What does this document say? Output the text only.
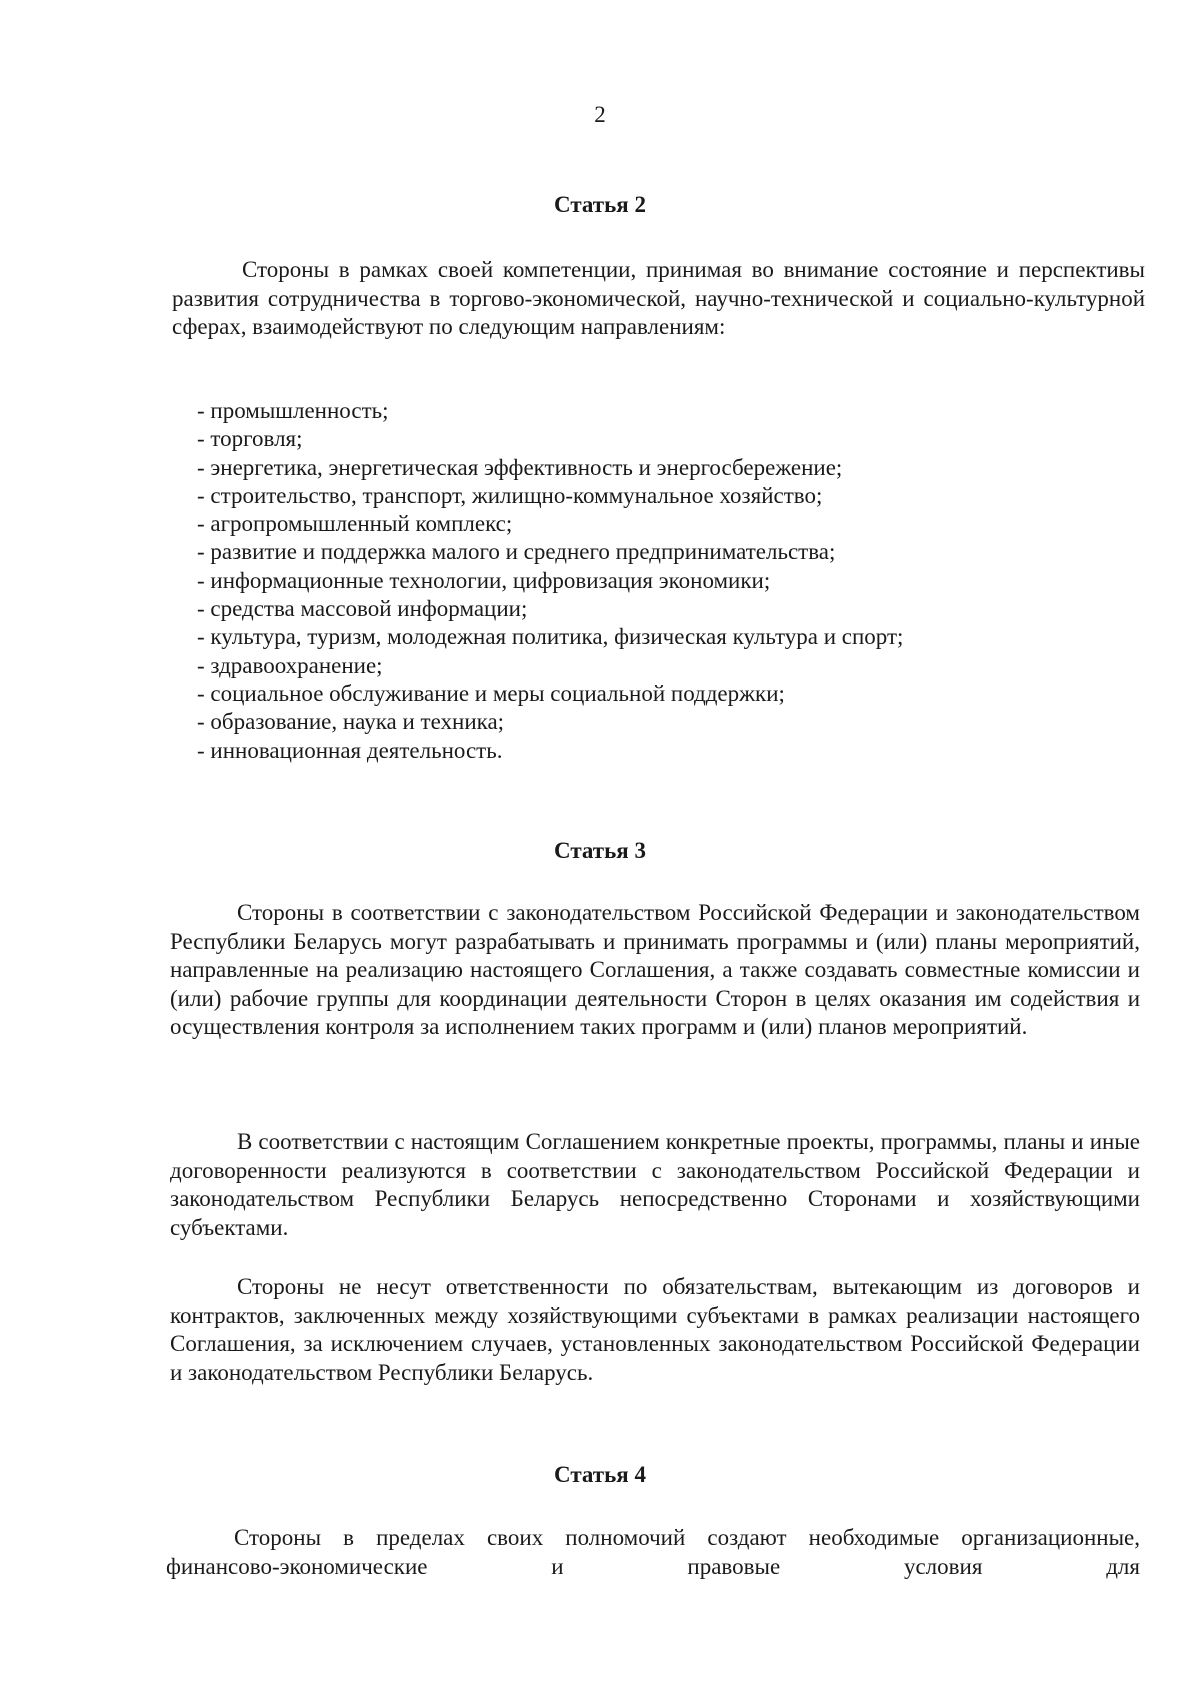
2
Статья 2
Стороны в рамках своей компетенции, принимая во внимание состояние и перспективы развития сотрудничества в торгово-экономической, научно-технической и социально-культурной сферах, взаимодействуют по следующим направлениям:
- промышленность;
- торговля;
- энергетика, энергетическая эффективность и энергосбережение;
- строительство, транспорт, жилищно-коммунальное хозяйство;
- агропромышленный комплекс;
- развитие и поддержка малого и среднего предпринимательства;
- информационные технологии, цифровизация экономики;
- средства массовой информации;
- культура, туризм, молодежная политика, физическая культура и спорт;
- здравоохранение;
- социальное обслуживание и меры социальной поддержки;
- образование, наука и техника;
- инновационная деятельность.
Статья 3
Стороны в соответствии с законодательством Российской Федерации и законодательством Республики Беларусь могут разрабатывать и принимать программы и (или) планы мероприятий, направленные на реализацию настоящего Соглашения, а также создавать совместные комиссии и (или) рабочие группы для координации деятельности Сторон в целях оказания им содействия и осуществления контроля за исполнением таких программ и (или) планов мероприятий.
В соответствии с настоящим Соглашением конкретные проекты, программы, планы и иные договоренности реализуются в соответствии с законодательством Российской Федерации и законодательством Республики Беларусь непосредственно Сторонами и хозяйствующими субъектами.
Стороны не несут ответственности по обязательствам, вытекающим из договоров и контрактов, заключенных между хозяйствующими субъектами в рамках реализации настоящего Соглашения, за исключением случаев, установленных законодательством Российской Федерации и законодательством Республики Беларусь.
Статья 4
Стороны в пределах своих полномочий создают необходимые организационные, финансово-экономические и правовые условия для
